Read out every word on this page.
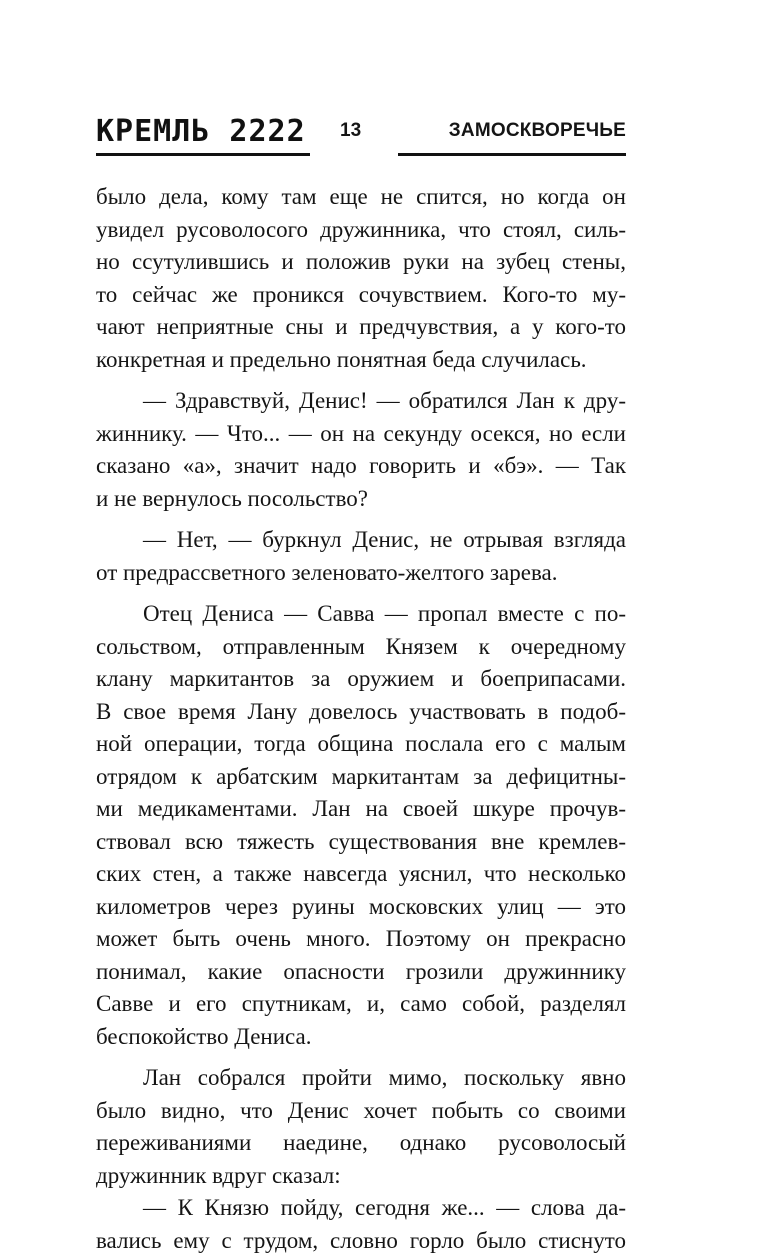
КРЕМЛЬ 2222 13	ЗАМОСКВОРЕЧЬЕ
было дела, кому там еще не спится, но когда он
увидел русоволосого дружинника, что стоял, силь-
но ссутулившись и положив руки на зубец стены,
то сейчас же проникся сочувствием. Кого-то му-
чают неприятные сны и предчувствия, а у кого-то
конкретная и предельно понятная беда случилась.
— Здравствуй, Денис! — обратился Лан к дру-
жиннику. — Что... — он на секунду осекся, но если
сказано «а», значит надо говорить и «бэ». — Так
и не вернулось посольство?
— Нет, — буркнул Денис, не отрывая взгляда
от предрассветного зеленовато-желтого зарева.
Отец Дениса — Савва — пропал вместе с по-
сольством, отправленным Князем к очередному
клану маркитантов за оружием и боеприпасами.
В свое время Лану довелось участвовать в подоб-
ной операции, тогда община послала его с малым
отрядом к арбатским маркитантам за дефицитны-
ми медикаментами. Лан на своей шкуре прочув-
ствовал всю тяжесть существования вне кремлев-
ских стен, а также навсегда уяснил, что несколько
километров через руины московских улиц — это
может быть очень много. Поэтому он прекрасно
понимал, какие опасности грозили дружиннику
Савве и его спутникам, и, само собой, разделял
беспокойство Дениса.
Лан собрался пройти мимо, поскольку явно
было видно, что Денис хочет побыть со своими
переживаниями наедине, однако русоволосый
дружинник вдруг сказал:
— К Князю пойду, сегодня же... — слова да-
вались ему с трудом, словно горло было стиснуто
